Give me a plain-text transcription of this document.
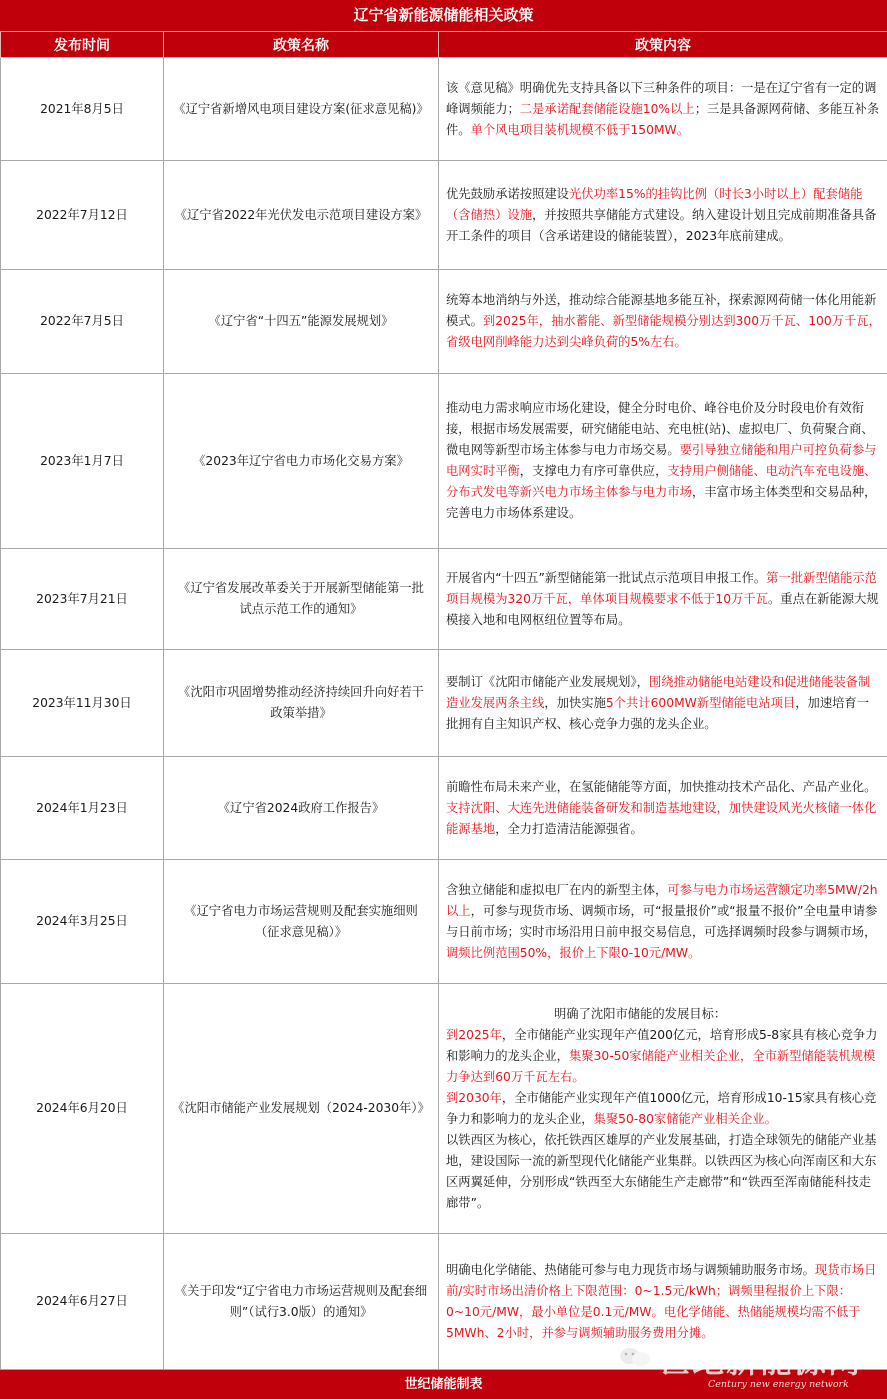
辽宁省新能源储能相关政策
发布时间	政策名称	政策内容
2021年8月5日	《辽宁省新增风电项目建设方案(征求意见稿)》	该《意见稿》明确优先支持具备以下三种条件的项目：一是在辽宁省有一定的调峰调频能力；二是承诺配套储能设施10%以上；三是具备源网荷储、多能互补条件。单个风电项目装机规模不低于150MW。
2022年7月12日	《辽宁省2022年光伏发电示范项目建设方案》	优先鼓励承诺按照建设光伏功率15%的挂钩比例（时长3小时以上）配套储能（含储热）设施，并按照共享储能方式建设。纳入建设计划且完成前期准备具备开工条件的项目（含承诺建设的储能装置），2023年底前建成。
2022年7月5日	《辽宁省“十四五”能源发展规划》	统筹本地消纳与外送，推动综合能源基地多能互补，探索源网荷储一体化用能新模式。到2025年，抽水蓄能、新型储能规模分别达到300万千瓦、100万千瓦，省级电网削峰能力达到尖峰负荷的5%左右。
2023年1月7日	《2023年辽宁省电力市场化交易方案》	推动电力需求响应市场化建设，健全分时电价、峰谷电价及分时段电价有效衔接，根据市场发展需要，研究储能电站、充电桩(站)、虚拟电厂、负荷聚合商、微电网等新型市场主体参与电力市场交易。要引导独立储能和用户可控负荷参与电网实时平衡，支撑电力有序可靠供应，支持用户侧储能、电动汽车充电设施、分布式发电等新兴电力市场主体参与电力市场，丰富市场主体类型和交易品种，完善电力市场体系建设。
2023年7月21日	《辽宁省发展改革委关于开展新型储能第一批试点示范工作的通知》	开展省内“十四五”新型储能第一批试点示范项目申报工作。第一批新型储能示范项目规模为320万千瓦，单体项目规模要求不低于10万千瓦。重点在新能源大规模接入地和电网枢纽位置等布局。
2023年11月30日	《沈阳市巩固增势推动经济持续回升向好若干政策举措》	要制订《沈阳市储能产业发展规划》，围绕推动储能电站建设和促进储能装备制造业发展两条主线，加快实施5个共计600MW新型储能电站项目，加速培育一批拥有自主知识产权、核心竞争力强的龙头企业。
2024年1月23日	《辽宁省2024政府工作报告》	前瞻性布局未来产业，在氢能储能等方面，加快推动技术产品化、产品产业化。支持沈阳、大连先进储能装备研发和制造基地建设，加快建设风光火核储一体化能源基地，全力打造清洁能源强省。
2024年3月25日	《辽宁省电力市场运营规则及配套实施细则（征求意见稿）》	含独立储能和虚拟电厂在内的新型主体，可参与电力市场运营额定功率5MW/2h以上，可参与现货市场、调频市场，可“报量报价”或“报量不报价”全电量申请参与日前市场；实时市场沿用日前申报交易信息，可选择调频时段参与调频市场，调频比例范围50%，报价上下限0-10元/MW。
2024年6月20日	《沈阳市储能产业发展规划（2024-2030年）》	明确了沈阳市储能的发展目标：
到2025年，全市储能产业实现年产值200亿元，培育形成5-8家具有核心竞争力和影响力的龙头企业，集聚30-50家储能产业相关企业，全市新型储能装机规模力争达到60万千瓦左右。
到2030年，全市储能产业实现年产值1000亿元，培育形成10-15家具有核心竞争力和影响力的龙头企业，集聚50-80家储能产业相关企业。
以铁西区为核心，依托铁西区雄厚的产业发展基础，打造全球领先的储能产业基地，建设国际一流的新型现代化储能产业集群。以铁西区为核心向浑南区和大东区两翼延伸，分别形成“铁西至大东储能生产走廊带”和“铁西至浑南储能科技走廊带”。
2024年6月27日	《关于印发“辽宁省电力市场运营规则及配套细则”（试行3.0版）的通知》	明确电化学储能、热储能可参与电力现货市场与调频辅助服务市场。现货市场日前/实时市场出清价格上下限范围：0~1.5元/kWh；调频里程报价上下限：0~10元/MW，最小单位是0.1元/MW。电化学储能、热储能规模均需不低于5MWh、2小时，并参与调频辅助服务费用分摊。
世纪储能制表
世纪新能源网
Century new energy network
